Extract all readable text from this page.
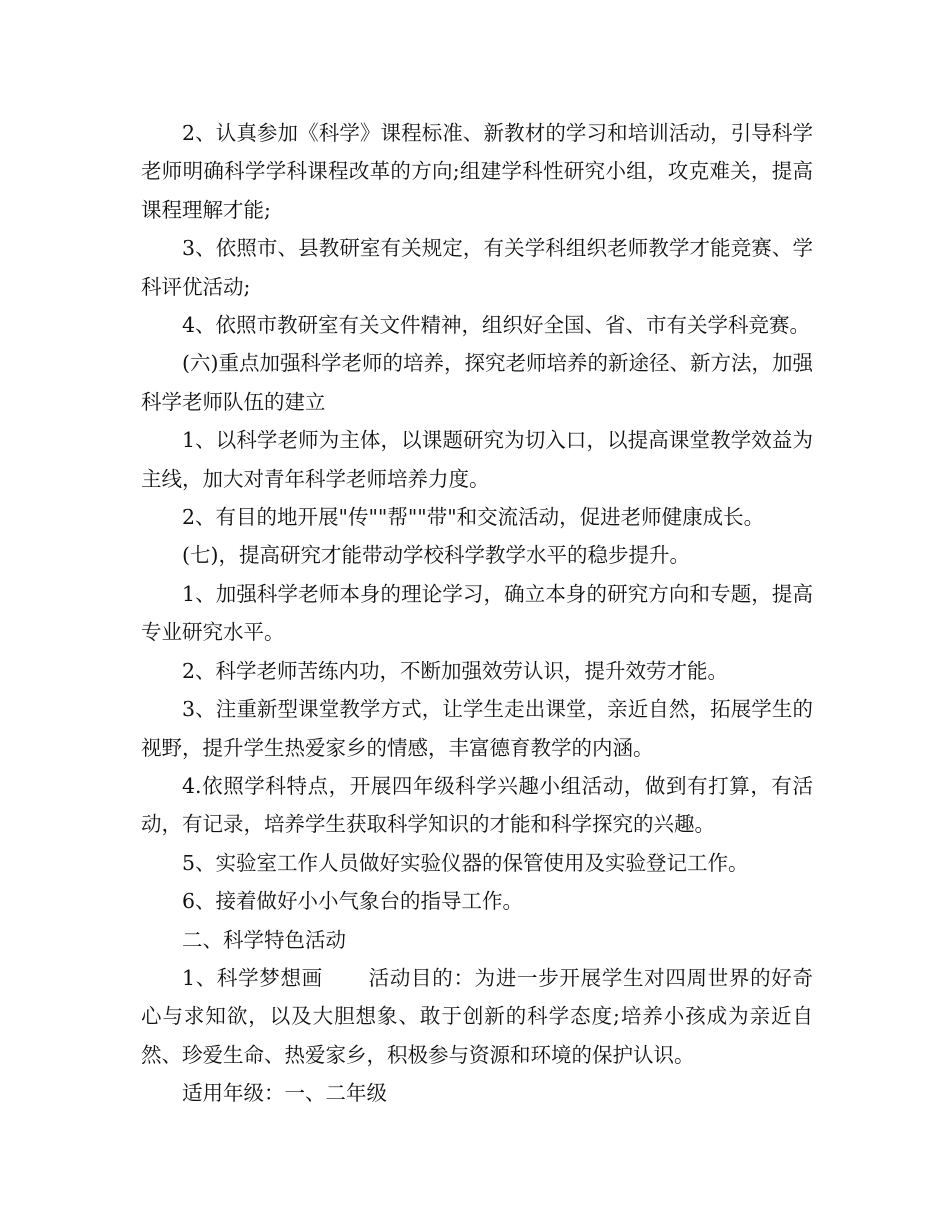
2、认真参加《科学》课程标准、新教材的学习和培训活动，引导科学老师明确科学学科课程改革的方向;组建学科性研究小组，攻克难关，提高课程理解才能;

3、依照市、县教研室有关规定，有关学科组织老师教学才能竞赛、学科评优活动;

4、依照市教研室有关文件精神，组织好全国、省、市有关学科竞赛。

(六)重点加强科学老师的培养，探究老师培养的新途径、新方法，加强科学老师队伍的建立

1、以科学老师为主体，以课题研究为切入口，以提高课堂教学效益为主线，加大对青年科学老师培养力度。

2、有目的地开展"传""帮""带"和交流活动，促进老师健康成长。

(七)，提高研究才能带动学校科学教学水平的稳步提升。

1、加强科学老师本身的理论学习，确立本身的研究方向和专题，提高专业研究水平。

2、科学老师苦练内功，不断加强效劳认识，提升效劳才能。

3、注重新型课堂教学方式，让学生走出课堂，亲近自然，拓展学生的视野，提升学生热爱家乡的情感，丰富德育教学的内涵。

4.依照学科特点，开展四年级科学兴趣小组活动，做到有打算，有活动，有记录，培养学生获取科学知识的才能和科学探究的兴趣。

5、实验室工作人员做好实验仪器的保管使用及实验登记工作。

6、接着做好小小气象台的指导工作。

二、科学特色活动

1、科学梦想画 活动目的：为进一步开展学生对四周世界的好奇心与求知欲，以及大胆想象、敢于创新的科学态度;培养小孩成为亲近自然、珍爱生命、热爱家乡，积极参与资源和环境的保护认识。

适用年级：一、二年级
